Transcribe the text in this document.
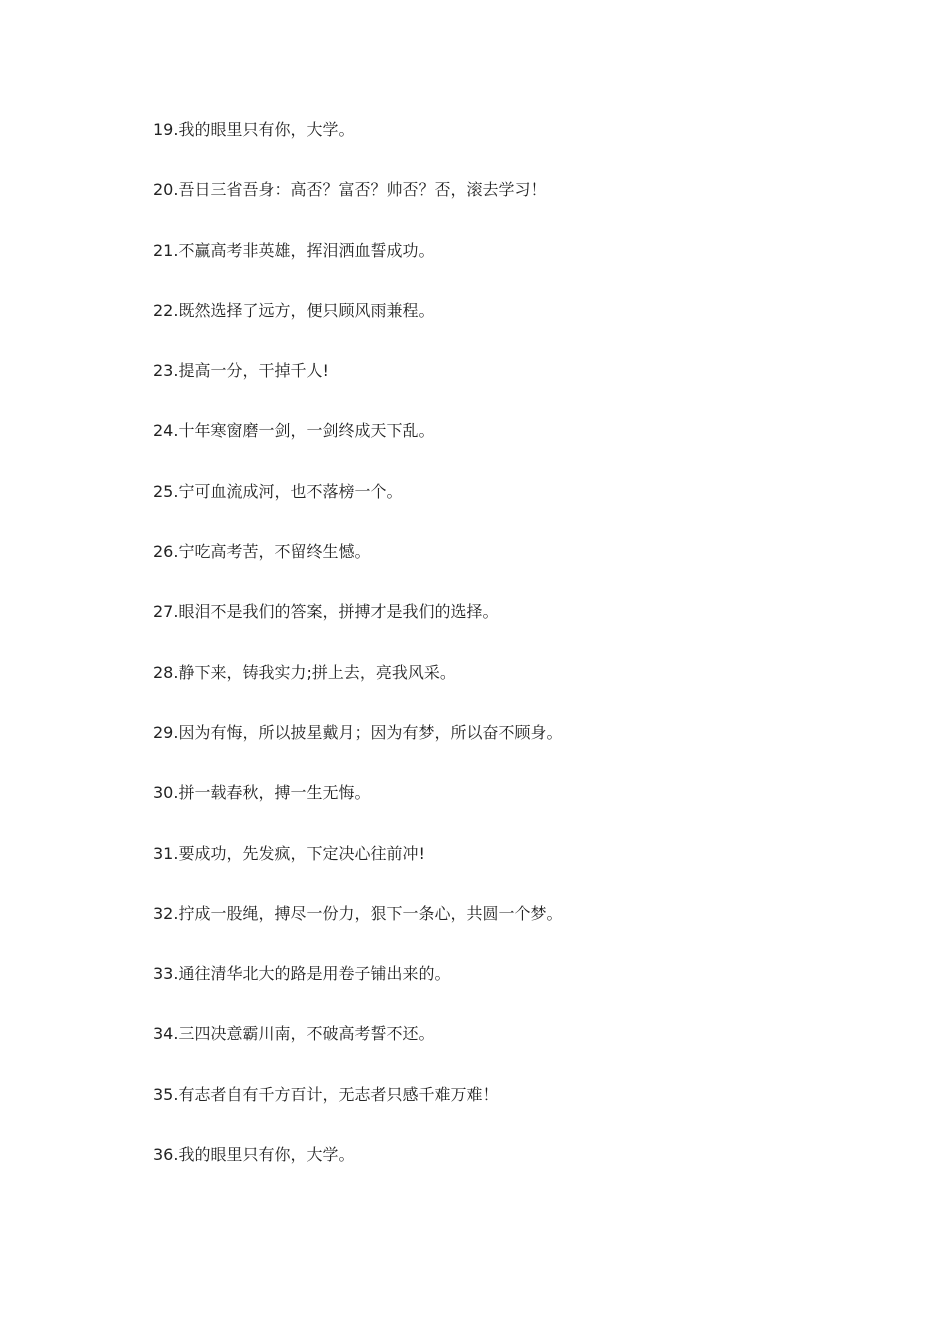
19.我的眼里只有你，大学。
20.吾日三省吾身：高否？富否？帅否？否，滚去学习！
21.不赢高考非英雄，挥泪洒血誓成功。
22.既然选择了远方，便只顾风雨兼程。
23.提高一分，干掉千人!
24.十年寒窗磨一剑，一剑终成天下乱。
25.宁可血流成河，也不落榜一个。
26.宁吃高考苦，不留终生憾。
27.眼泪不是我们的答案，拼搏才是我们的选择。
28.静下来，铸我实力;拼上去，亮我风采。
29.因为有悔，所以披星戴月；因为有梦，所以奋不顾身。
30.拼一载春秋，搏一生无悔。
31.要成功，先发疯，下定决心往前冲!
32.拧成一股绳，搏尽一份力，狠下一条心，共圆一个梦。
33.通往清华北大的路是用卷子铺出来的。
34.三四决意霸川南，不破高考誓不还。
35.有志者自有千方百计，无志者只感千难万难！
36.我的眼里只有你，大学。
